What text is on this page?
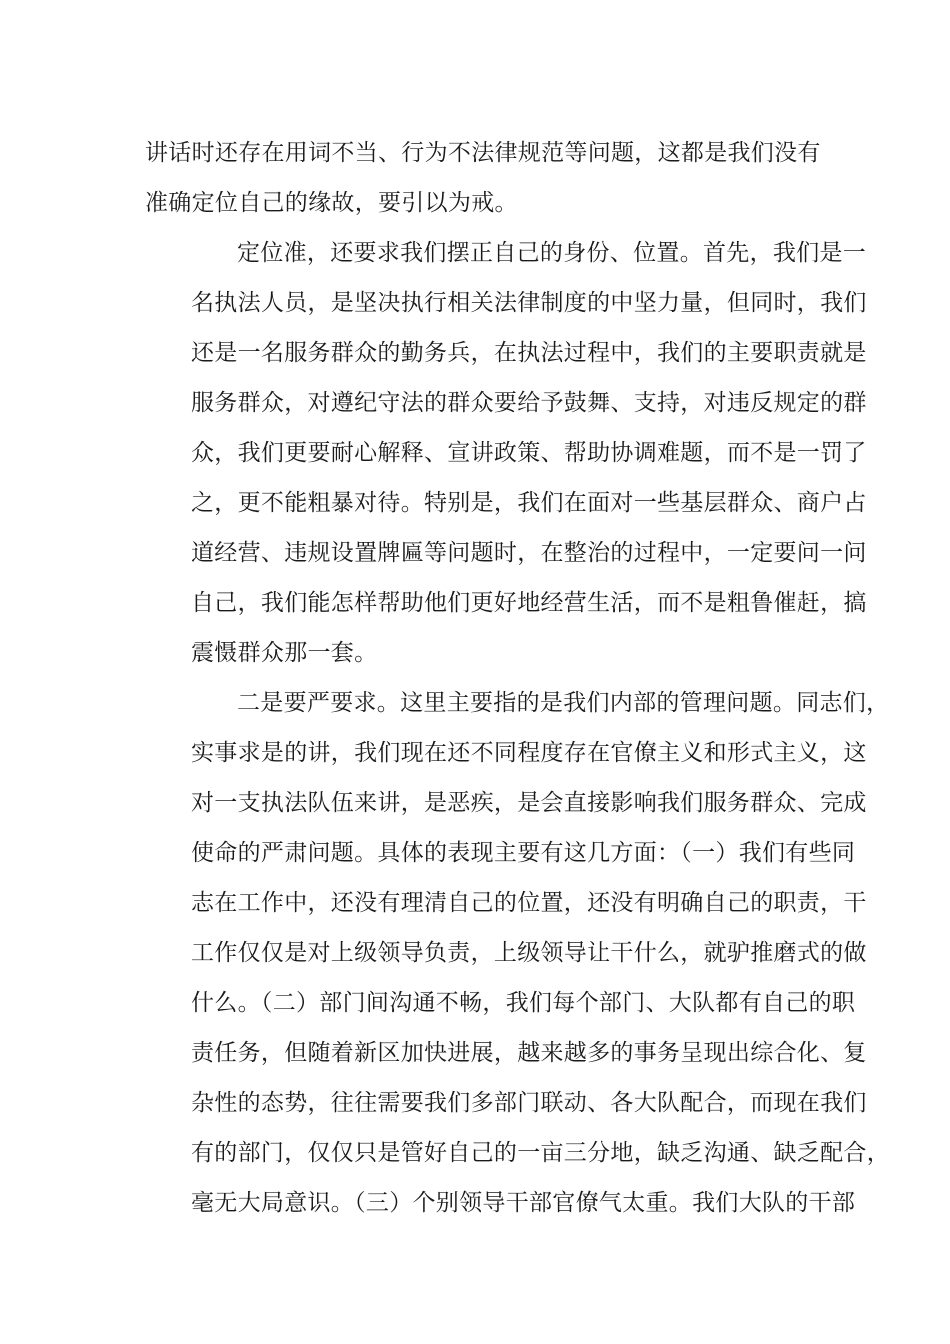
讲话时还存在用词不当、行为不法律规范等问题，这都是我们没有
准确定位自己的缘故，要引以为戒。
定位准，还要求我们摆正自己的身份、位置。首先，我们是一
名执法人员，是坚决执行相关法律制度的中坚力量，但同时，我们
还是一名服务群众的勤务兵，在执法过程中，我们的主要职责就是
服务群众，对遵纪守法的群众要给予鼓舞、支持，对违反规定的群
众，我们更要耐心解释、宣讲政策、帮助协调难题，而不是一罚了
之，更不能粗暴对待。特别是，我们在面对一些基层群众、商户占
道经营、违规设置牌匾等问题时，在整治的过程中，一定要问一问
自己，我们能怎样帮助他们更好地经营生活，而不是粗鲁催赶，搞
震慑群众那一套。
二是要严要求。这里主要指的是我们内部的管理问题。同志们，
实事求是的讲，我们现在还不同程度存在官僚主义和形式主义，这
对一支执法队伍来讲，是恶疾，是会直接影响我们服务群众、完成
使命的严肃问题。具体的表现主要有这几方面：（一）我们有些同
志在工作中，还没有理清自己的位置，还没有明确自己的职责，干
工作仅仅是对上级领导负责，上级领导让干什么，就驴推磨式的做
什么。（二）部门间沟通不畅，我们每个部门、大队都有自己的职
责任务，但随着新区加快进展，越来越多的事务呈现出综合化、复
杂性的态势，往往需要我们多部门联动、各大队配合，而现在我们
有的部门，仅仅只是管好自己的一亩三分地，缺乏沟通、缺乏配合，
毫无大局意识。（三）个别领导干部官僚气太重。我们大队的干部
